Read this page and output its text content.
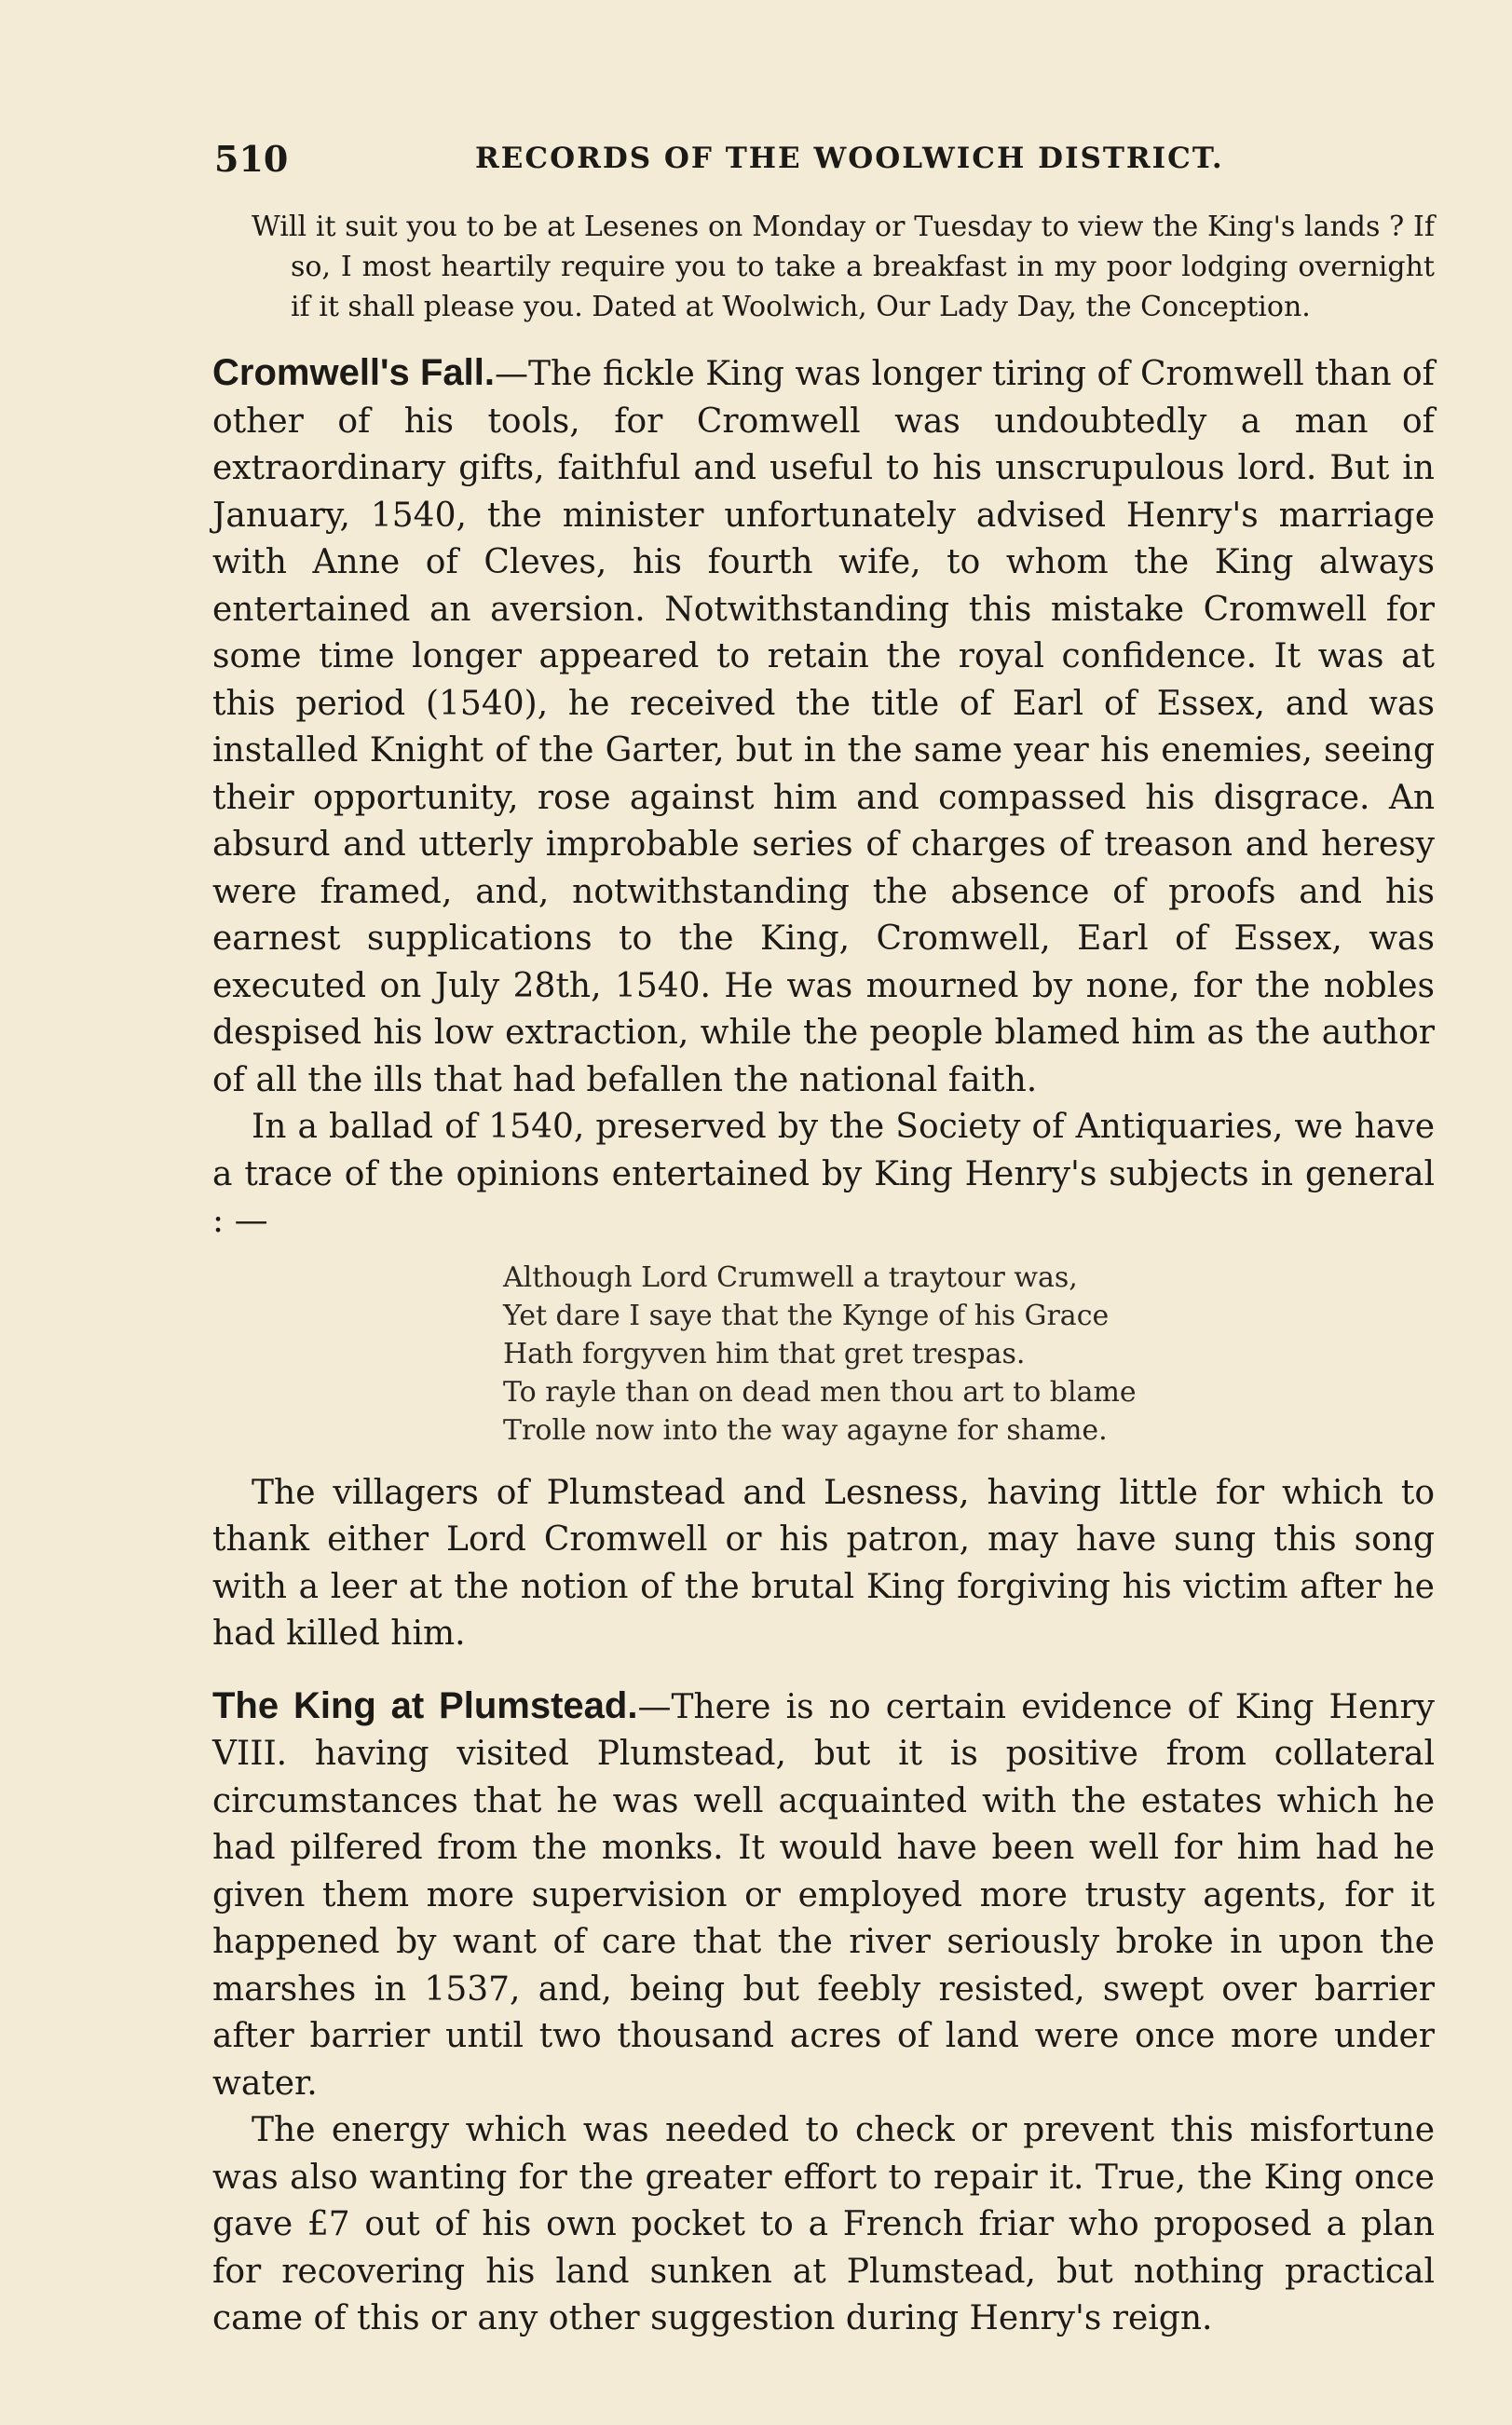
510	RECORDS OF THE WOOLWICH DISTRICT.

Will it suit you to be at Lesenes on Monday or Tuesday to view the King's lands ? If so, I most heartily require you to take a breakfast in my poor lodging overnight if it shall please you. Dated at Woolwich, Our Lady Day, the Conception.

Cromwell's Fall.—The fickle King was longer tiring of Cromwell than of other of his tools, for Cromwell was undoubtedly a man of extraordinary gifts, faithful and useful to his unscrupulous lord. But in January, 1540, the minister unfortunately advised Henry's marriage with Anne of Cleves, his fourth wife, to whom the King always entertained an aversion. Notwithstanding this mistake Cromwell for some time longer appeared to retain the royal confidence. It was at this period (1540), he received the title of Earl of Essex, and was installed Knight of the Garter, but in the same year his enemies, seeing their opportunity, rose against him and compassed his disgrace. An absurd and utterly improbable series of charges of treason and heresy were framed, and, notwithstanding the absence of proofs and his earnest supplications to the King, Cromwell, Earl of Essex, was executed on July 28th, 1540. He was mourned by none, for the nobles despised his low extraction, while the people blamed him as the author of all the ills that had befallen the national faith.

In a ballad of 1540, preserved by the Society of Antiquaries, we have a trace of the opinions entertained by King Henry's subjects in general : —

Although Lord Crumwell a traytour was,
Yet dare I saye that the Kynge of his Grace
Hath forgyven him that gret trespas.
To rayle than on dead men thou art to blame
Trolle now into the way agayne for shame.

The villagers of Plumstead and Lesness, having little for which to thank either Lord Cromwell or his patron, may have sung this song with a leer at the notion of the brutal King forgiving his victim after he had killed him.

The King at Plumstead.—There is no certain evidence of King Henry VIII. having visited Plumstead, but it is positive from collateral circumstances that he was well acquainted with the estates which he had pilfered from the monks. It would have been well for him had he given them more supervision or employed more trusty agents, for it happened by want of care that the river seriously broke in upon the marshes in 1537, and, being but feebly resisted, swept over barrier after barrier until two thousand acres of land were once more under water.

The energy which was needed to check or prevent this misfortune was also wanting for the greater effort to repair it. True, the King once gave £7 out of his own pocket to a French friar who proposed a plan for recovering his land sunken at Plumstead, but nothing practical came of this or any other suggestion during Henry's reign.
